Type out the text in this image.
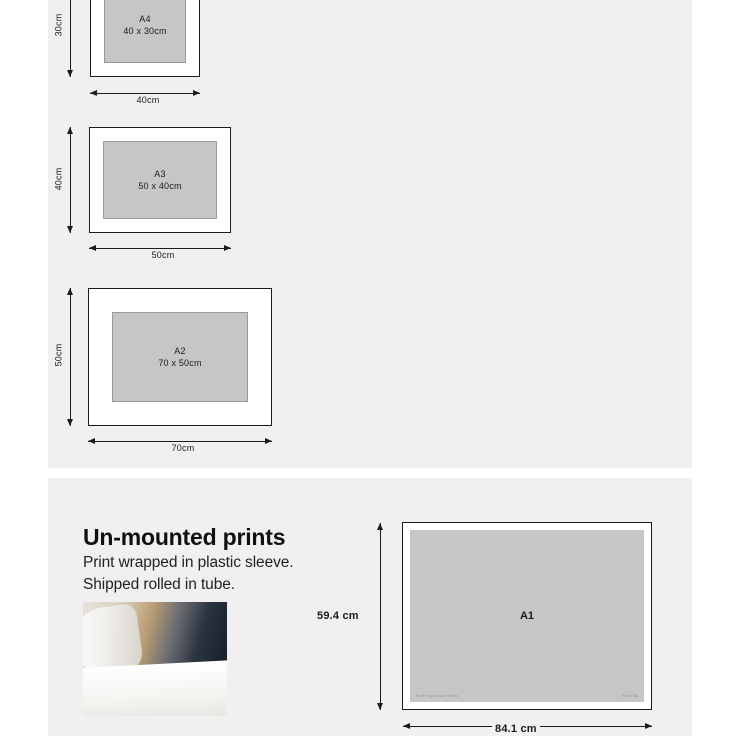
A4
40 x 30cm
30cm
40cm
A3
50 x 40cm
40cm
50cm
A2
70 x 50cm
50cm
70cm
Un-mounted prints
Print wrapped in plastic sleeve.
Shipped rolled in tube.
A1
Print: Paper Color Tones	Print Title
59.4 cm
84.1 cm
